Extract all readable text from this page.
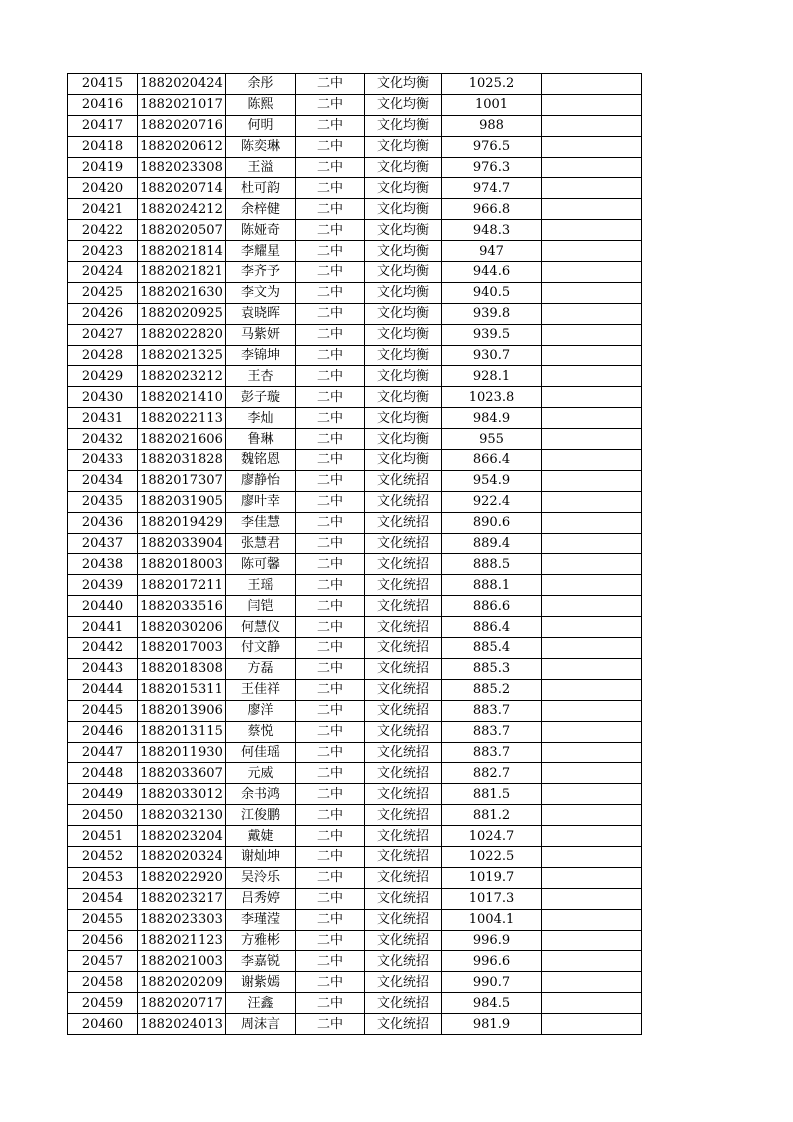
20415	1882020424	余彤	二中	文化均衡	1025.2	
20416	1882021017	陈熙	二中	文化均衡	1001	
20417	1882020716	何明	二中	文化均衡	988	
20418	1882020612	陈奕琳	二中	文化均衡	976.5	
20419	1882023308	王溢	二中	文化均衡	976.3	
20420	1882020714	杜可韵	二中	文化均衡	974.7	
20421	1882024212	余梓健	二中	文化均衡	966.8	
20422	1882020507	陈娅奇	二中	文化均衡	948.3	
20423	1882021814	李耀星	二中	文化均衡	947	
20424	1882021821	李齐予	二中	文化均衡	944.6	
20425	1882021630	李文为	二中	文化均衡	940.5	
20426	1882020925	袁晓晖	二中	文化均衡	939.8	
20427	1882022820	马紫妍	二中	文化均衡	939.5	
20428	1882021325	李锦坤	二中	文化均衡	930.7	
20429	1882023212	王杏	二中	文化均衡	928.1	
20430	1882021410	彭子璇	二中	文化均衡	1023.8	
20431	1882022113	李灿	二中	文化均衡	984.9	
20432	1882021606	鲁琳	二中	文化均衡	955	
20433	1882031828	魏铭恩	二中	文化均衡	866.4	
20434	1882017307	廖静怡	二中	文化统招	954.9	
20435	1882031905	廖叶幸	二中	文化统招	922.4	
20436	1882019429	李佳慧	二中	文化统招	890.6	
20437	1882033904	张慧君	二中	文化统招	889.4	
20438	1882018003	陈可馨	二中	文化统招	888.5	
20439	1882017211	王瑶	二中	文化统招	888.1	
20440	1882033516	闫铠	二中	文化统招	886.6	
20441	1882030206	何慧仪	二中	文化统招	886.4	
20442	1882017003	付文静	二中	文化统招	885.4	
20443	1882018308	方磊	二中	文化统招	885.3	
20444	1882015311	王佳祥	二中	文化统招	885.2	
20445	1882013906	廖洋	二中	文化统招	883.7	
20446	1882013115	蔡悦	二中	文化统招	883.7	
20447	1882011930	何佳瑶	二中	文化统招	883.7	
20448	1882033607	元威	二中	文化统招	882.7	
20449	1882033012	余书鸿	二中	文化统招	881.5	
20450	1882032130	江俊鹏	二中	文化统招	881.2	
20451	1882023204	戴婕	二中	文化统招	1024.7	
20452	1882020324	谢灿坤	二中	文化统招	1022.5	
20453	1882022920	吴泠乐	二中	文化统招	1019.7	
20454	1882023217	吕秀婷	二中	文化统招	1017.3	
20455	1882023303	李瑾滢	二中	文化统招	1004.1	
20456	1882021123	方雅彬	二中	文化统招	996.9	
20457	1882021003	李嘉锐	二中	文化统招	996.6	
20458	1882020209	谢紫嫣	二中	文化统招	990.7	
20459	1882020717	汪鑫	二中	文化统招	984.5	
20460	1882024013	周沫言	二中	文化统招	981.9	
